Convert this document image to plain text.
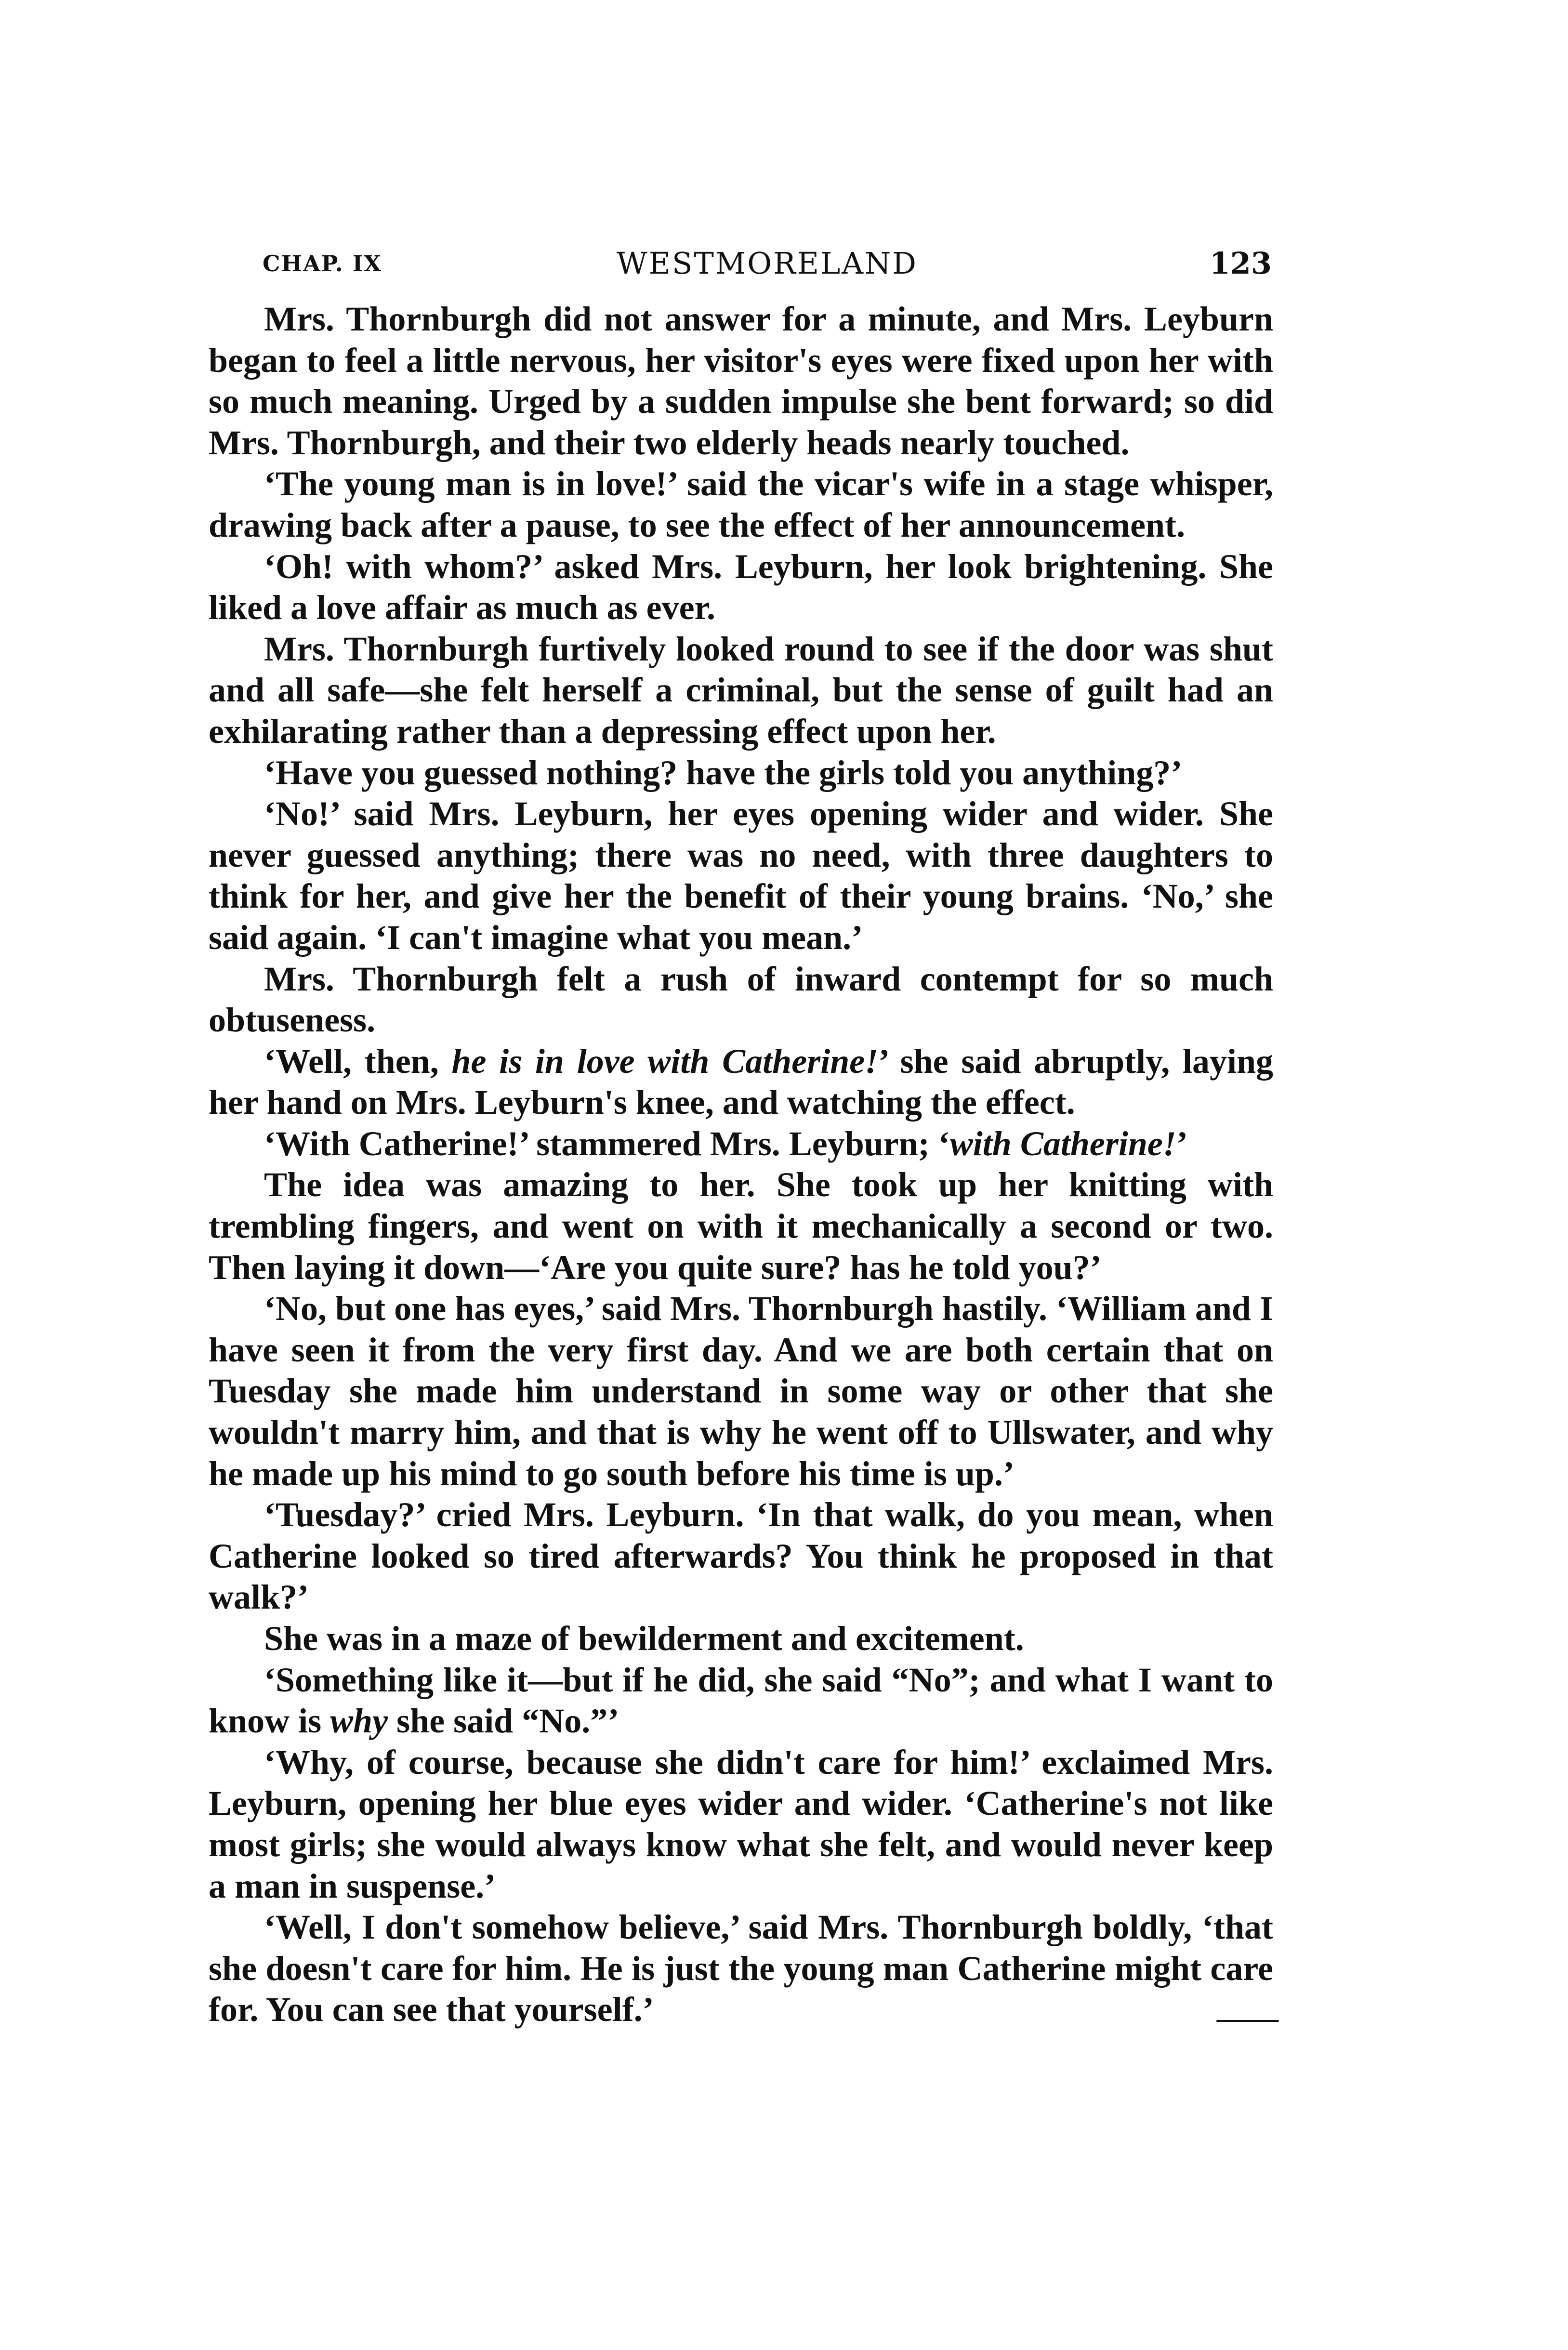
CHAP. IX	WESTMORELAND	123

Mrs. Thornburgh did not answer for a minute, and Mrs. Leyburn began to feel a little nervous, her visitor's eyes were fixed upon her with so much meaning. Urged by a sudden impulse she bent forward; so did Mrs. Thornburgh, and their two elderly heads nearly touched.

‘The young man is in love!’ said the vicar's wife in a stage whisper, drawing back after a pause, to see the effect of her announcement.

‘Oh! with whom?’ asked Mrs. Leyburn, her look brightening. She liked a love affair as much as ever.

Mrs. Thornburgh furtively looked round to see if the door was shut and all safe—she felt herself a criminal, but the sense of guilt had an exhilarating rather than a depressing effect upon her.

‘Have you guessed nothing? have the girls told you anything?’

‘No!’ said Mrs. Leyburn, her eyes opening wider and wider. She never guessed anything; there was no need, with three daughters to think for her, and give her the benefit of their young brains. ‘No,’ she said again. ‘I can't imagine what you mean.’

Mrs. Thornburgh felt a rush of inward contempt for so much obtuseness.

‘Well, then, he is in love with Catherine!’ she said abruptly, laying her hand on Mrs. Leyburn's knee, and watching the effect.

‘With Catherine!’ stammered Mrs. Leyburn; ‘with Catherine!’

The idea was amazing to her. She took up her knitting with trembling fingers, and went on with it mechanically a second or two. Then laying it down—‘Are you quite sure? has he told you?’

‘No, but one has eyes,’ said Mrs. Thornburgh hastily. ‘William and I have seen it from the very first day. And we are both certain that on Tuesday she made him understand in some way or other that she wouldn't marry him, and that is why he went off to Ullswater, and why he made up his mind to go south before his time is up.’

‘Tuesday?’ cried Mrs. Leyburn. ‘In that walk, do you mean, when Catherine looked so tired afterwards? You think he proposed in that walk?’

She was in a maze of bewilderment and excitement.

‘Something like it—but if he did, she said “No”; and what I want to know is why she said “No.”’

‘Why, of course, because she didn't care for him!’ exclaimed Mrs. Leyburn, opening her blue eyes wider and wider. ‘Catherine's not like most girls; she would always know what she felt, and would never keep a man in suspense.’

‘Well, I don't somehow believe,’ said Mrs. Thornburgh boldly, ‘that she doesn't care for him. He is just the young man Catherine might care for. You can see that yourself.’
